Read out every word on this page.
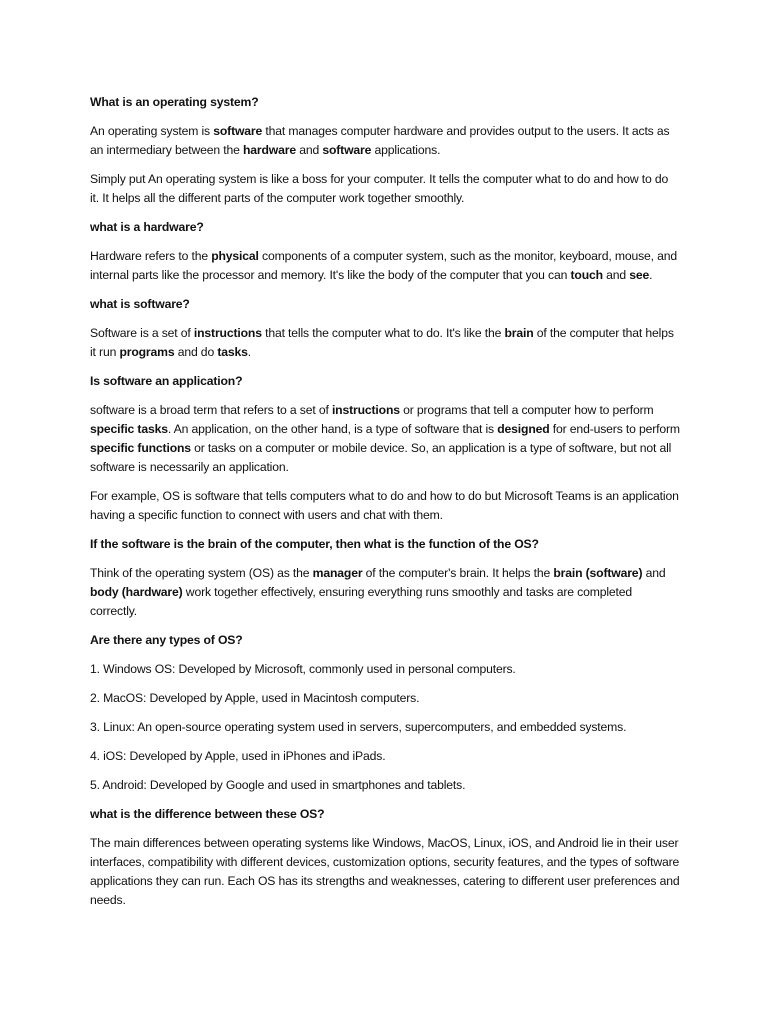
What is an operating system?

An operating system is software that manages computer hardware and provides output to the users. It acts as an intermediary between the hardware and software applications.

Simply put An operating system is like a boss for your computer. It tells the computer what to do and how to do it. It helps all the different parts of the computer work together smoothly.

what is a hardware?

Hardware refers to the physical components of a computer system, such as the monitor, keyboard, mouse, and internal parts like the processor and memory. It's like the body of the computer that you can touch and see.

what is software?

Software is a set of instructions that tells the computer what to do. It's like the brain of the computer that helps it run programs and do tasks.

Is software an application?

software is a broad term that refers to a set of instructions or programs that tell a computer how to perform specific tasks. An application, on the other hand, is a type of software that is designed for end-users to perform specific functions or tasks on a computer or mobile device. So, an application is a type of software, but not all software is necessarily an application.

For example, OS is software that tells computers what to do and how to do but Microsoft Teams is an application having a specific function to connect with users and chat with them.

If the software is the brain of the computer, then what is the function of the OS?

Think of the operating system (OS) as the manager of the computer's brain. It helps the brain (software) and body (hardware) work together effectively, ensuring everything runs smoothly and tasks are completed correctly.

Are there any types of OS?

1. Windows OS: Developed by Microsoft, commonly used in personal computers.

2. MacOS: Developed by Apple, used in Macintosh computers.

3. Linux: An open-source operating system used in servers, supercomputers, and embedded systems.

4. iOS: Developed by Apple, used in iPhones and iPads.

5. Android: Developed by Google and used in smartphones and tablets.

what is the difference between these OS?

The main differences between operating systems like Windows, MacOS, Linux, iOS, and Android lie in their user interfaces, compatibility with different devices, customization options, security features, and the types of software applications they can run. Each OS has its strengths and weaknesses, catering to different user preferences and needs.
